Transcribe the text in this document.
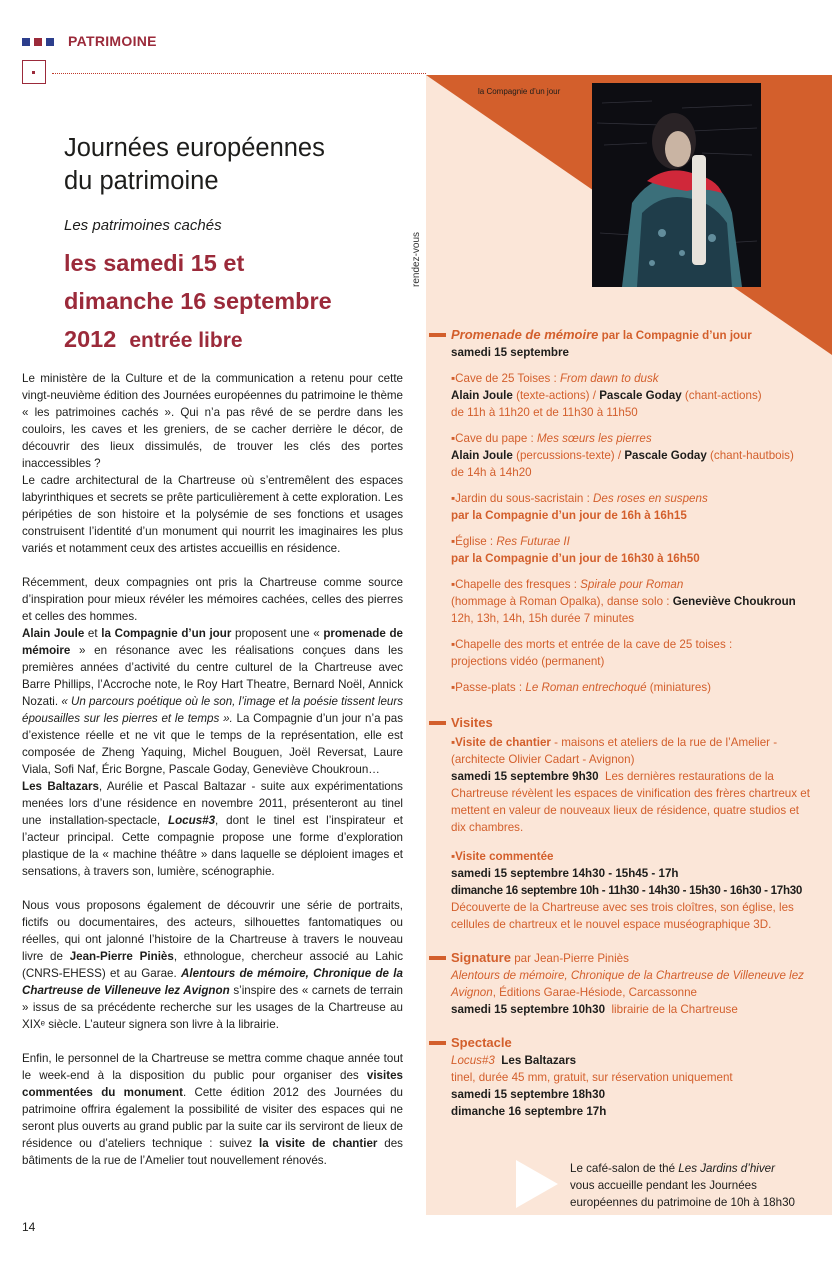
PATRIMOINE
Journées européennes
du patrimoine
Les patrimoines cachés
les samedi 15 et
dimanche 16 septembre
2012 entrée libre
la Compagnie d’un jour
rendez-vous

Le ministère de la Culture et de la communication a retenu pour cette vingt-neuvième édition des Journées européennes du patrimoine le thème « les patrimoines cachés ». Qui n’a pas rêvé de se perdre dans les couloirs, les caves et les greniers, de se cacher derrière le décor, de découvrir des lieux dissimulés, de trouver les clés des portes inaccessibles ?

Le cadre architectural de la Chartreuse où s’entremêlent des espaces labyrinthiques et secrets se prête particulièrement à cette exploration. Les péripéties de son histoire et la polysémie de ses fonctions et usages construisent l’identité d’un monument qui nourrit les imaginaires les plus variés et notamment ceux des artistes accueillis en résidence.

Récemment, deux compagnies ont pris la Chartreuse comme source d’inspiration pour mieux révéler les mémoires cachées, celles des pierres et celles des hommes.

Alain Joule et la Compagnie d’un jour proposent une « promenade de mémoire » en résonance avec les réalisations conçues dans les premières années d’activité du centre culturel de la Chartreuse avec Barre Phillips, l’Accroche note, le Roy Hart Theatre, Bernard Noël, Annick Nozati. « Un parcours poétique où le son, l’image et la poésie tissent leurs épousailles sur les pierres et le temps ». La Compagnie d’un jour n’a pas d’existence réelle et ne vit que le temps de la représentation, elle est composée de Zheng Yaquing, Michel Bouguen, Joël Reversat, Laure Viala, Sofi Naf, Éric Borgne, Pascale Goday, Geneviève Choukroun…

Les Baltazars, Aurélie et Pascal Baltazar - suite aux expérimentations menées lors d’une résidence en novembre 2011, présenteront au tinel une installation-spectacle, Locus#3, dont le tinel est l’inspirateur et l’acteur principal. Cette compagnie propose une forme d’exploration plastique de la « machine théâtre » dans laquelle se déploient images et sensations, à travers son, lumière, scénographie.

Nous vous proposons également de découvrir une série de portraits, fictifs ou documentaires, des acteurs, silhouettes fantomatiques ou réelles, qui ont jalonné l’histoire de la Chartreuse à travers le nouveau livre de Jean-Pierre Piniès, ethnologue, chercheur associé au Lahic (CNRS-EHESS) et au Garae. Alentours de mémoire, Chronique de la Chartreuse de Villeneuve lez Avignon s’inspire des « carnets de terrain » issus de sa précédente recherche sur les usages de la Chartreuse au XIXᵉ siècle. L’auteur signera son livre à la librairie.

Enfin, le personnel de la Chartreuse se mettra comme chaque année tout le week-end à la disposition du public pour organiser des visites commentées du monument. Cette édition 2012 des Journées du patrimoine offrira également la possibilité de visiter des espaces qui ne seront plus ouverts au grand public par la suite car ils serviront de lieux de résidence ou d’ateliers technique : suivez la visite de chantier des bâtiments de la rue de l’Amelier tout nouvellement rénovés.

Promenade de mémoire par la Compagnie d’un jour
samedi 15 septembre
▪Cave de 25 Toises : From dawn to dusk
Alain Joule (texte-actions) / Pascale Goday (chant-actions)
de 11h à 11h20 et de 11h30 à 11h50
▪Cave du pape : Mes sœurs les pierres
Alain Joule (percussions-texte) / Pascale Goday (chant-hautbois)
de 14h à 14h20
▪Jardin du sous-sacristain : Des roses en suspens
par la Compagnie d’un jour de 16h à 16h15
▪Église : Res Futurae II
par la Compagnie d’un jour de 16h30 à 16h50
▪Chapelle des fresques : Spirale pour Roman
(hommage à Roman Opalka), danse solo : Geneviève Choukroun
12h, 13h, 14h, 15h durée 7 minutes
▪Chapelle des morts et entrée de la cave de 25 toises :
projections vidéo (permanent)
▪Passe-plats : Le Roman entrechoqué (miniatures)
Visites
▪Visite de chantier - maisons et ateliers de la rue de l’Amelier - (architecte Olivier Cadart - Avignon)
samedi 15 septembre 9h30 Les dernières restaurations de la Chartreuse révèlent les espaces de vinification des frères chartreux et mettent en valeur de nouveaux lieux de résidence, quatre studios et dix chambres.
▪Visite commentée
samedi 15 septembre 14h30 - 15h45 - 17h
dimanche 16 septembre 10h - 11h30 - 14h30 - 15h30 - 16h30 - 17h30
Découverte de la Chartreuse avec ses trois cloîtres, son église, les cellules de chartreux et le nouvel espace muséographique 3D.
Signature par Jean-Pierre Piniès
Alentours de mémoire, Chronique de la Chartreuse de Villeneuve lez Avignon, Éditions Garae-Hésiode, Carcassonne
samedi 15 septembre 10h30 librairie de la Chartreuse
Spectacle
Locus#3 Les Baltazars
tinel, durée 45 mm, gratuit, sur réservation uniquement
samedi 15 septembre 18h30
dimanche 16 septembre 17h
Le café-salon de thé Les Jardins d’hiver vous accueille pendant les Journées européennes du patrimoine de 10h à 18h30
14
